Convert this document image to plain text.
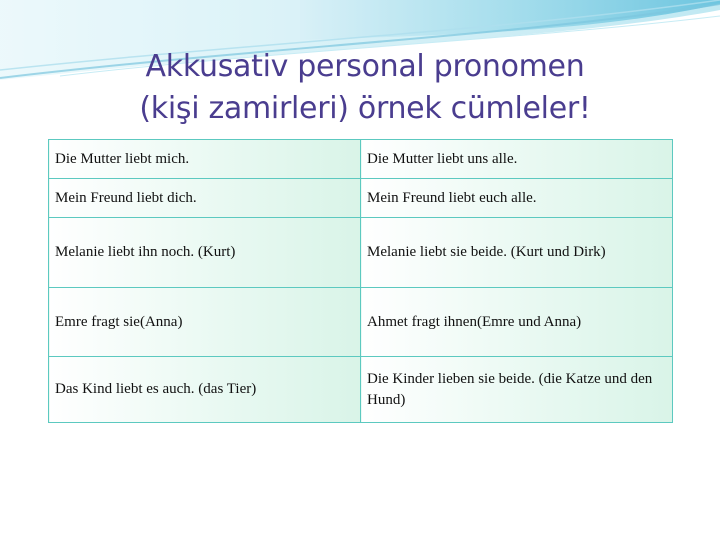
Akkusativ personal pronomen
(kişi zamirleri) örnek cümleler!
Die Mutter liebt mich.	Die Mutter liebt uns alle.
Mein Freund liebt dich.	Mein Freund liebt euch alle.
Melanie liebt ihn noch. (Kurt)	Melanie liebt sie beide. (Kurt und Dirk)
Emre fragt sie(Anna)	Ahmet fragt ihnen(Emre und Anna)
Das Kind liebt es auch. (das Tier)	Die Kinder lieben sie beide. (die Katze und den Hund)
